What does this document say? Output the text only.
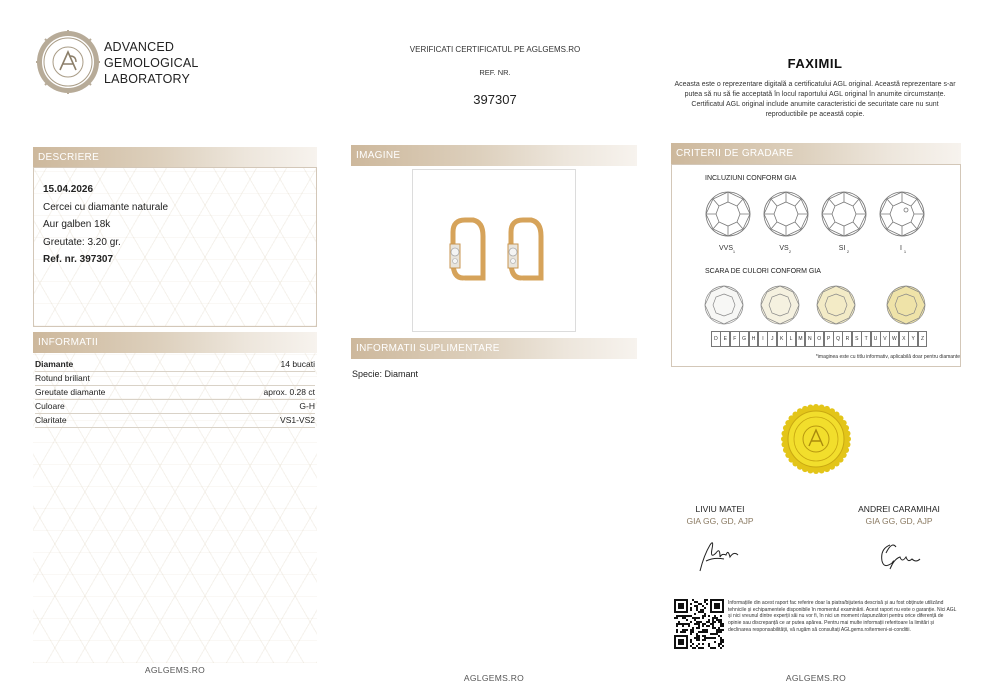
ADVANCED
GEMOLOGICAL
LABORATORY
VERIFICATI CERTIFICATUL PE AGLGEMS.RO
REF. NR.
397307
FAXIMIL
Aceasta este o reprezentare digitală a certificatului AGL original. Această reprezentare s-ar putea să nu să fie acceptată în locul raportului AGL original în anumite circumstanțe. Certificatul AGL original include anumite caracteristici de securitate care nu sunt reproductibile pe această copie.
DESCRIERE
15.04.2026
Cercei cu diamante naturale
Aur galben 18k
Greutate: 3.20 gr.
Ref. nr. 397307
INFORMATII
Diamante	14 bucati
Rotund briliant
Greutate diamante	aprox. 0.28 ct
Culoare	G-H
Claritate	VS1-VS2
AGLGEMS.RO
IMAGINE
INFORMATII SUPLIMENTARE
Specie: Diamant
AGLGEMS.RO
CRITERII DE GRADARE
INCLUZIUNI CONFORM GIA
VVS 1	VS 2	SI 2	I 1
SCARA DE CULORI CONFORM GIA
D	E	F	G	H	I	J	K	L	M	N	O	P	Q	R	S	T	U	V	W	X	Y	Z
*imaginea este cu titlu informativ, aplicabilă doar pentru diamante
LIVIU MATEI
GIA GG, GD, AJP
ANDREI CARAMIHAI
GIA GG, GD, AJP
Informațiile din acest raport fac referire doar la piatra/bijuteria descrisă și au fost obținute utilizând tehnicile și echipamentele disponibile în momentul examinării. Acest raport nu este o garanție. Nici AGL și nici vreunul dintre experții săi nu vor fi, în nici un moment răspunzători pentru orice diferență de opinie sau discrepanță ce ar putea apărea. Pentru mai multe informații referitoare la limitări și declinarea responsabilității, vă rugăm să consultați AGLgems.ro/termeni-si-conditii.
AGLGEMS.RO
